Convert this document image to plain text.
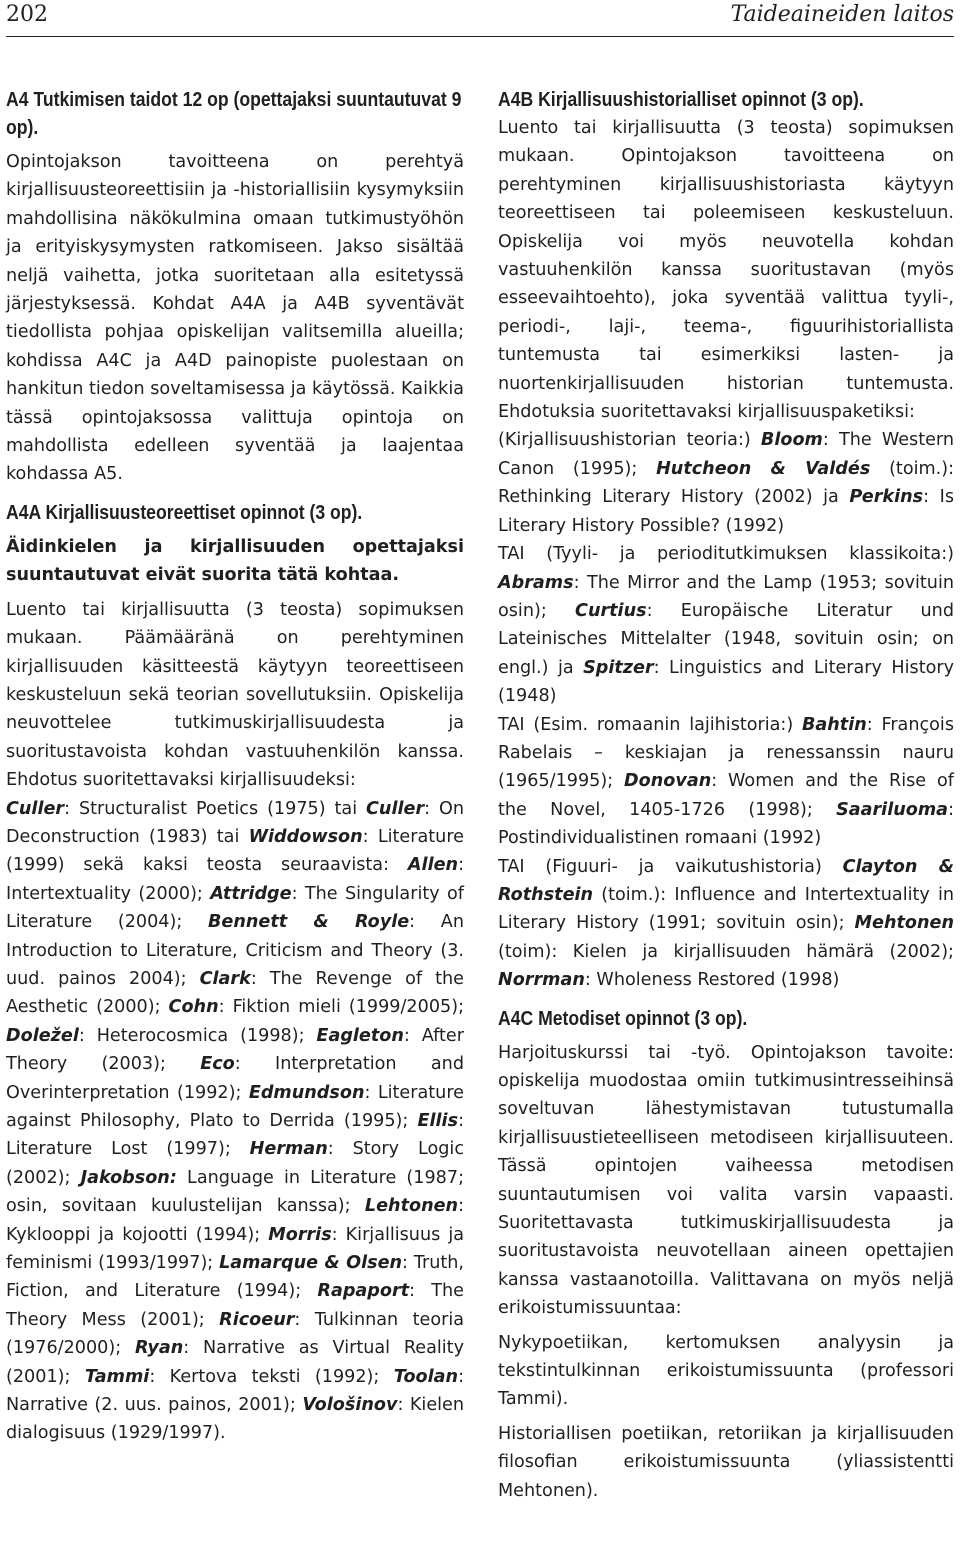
202	Taideaineiden laitos
A4 Tutkimisen taidot 12 op (opettajaksi suuntautuvat 9 op).

Opintojakson tavoitteena on perehtyä kirjallisuusteoreettisiin ja -historiallisiin kysymyksiin mahdollisina näkökulmina omaan tutkimustyöhön ja erityiskysymysten ratkomiseen. Jakso sisältää neljä vaihetta, jotka suoritetaan alla esitetyssä järjestyksessä. Kohdat A4A ja A4B syventävät tiedollista pohjaa opiskelijan valitsemilla alueilla; kohdissa A4C ja A4D painopiste puolestaan on hankitun tiedon soveltamisessa ja käytössä. Kaikkia tässä opintojaksossa valittuja opintoja on mahdollista edelleen syventää ja laajentaa kohdassa A5.

A4A Kirjallisuusteoreettiset opinnot (3 op).
Äidinkielen ja kirjallisuuden opettajaksi suuntautuvat eivät suorita tätä kohtaa.

Luento tai kirjallisuutta (3 teosta) sopimuksen mukaan. Päämääränä on perehtyminen kirjallisuuden käsitteestä käytyyn teoreettiseen keskusteluun sekä teorian sovellutuksiin. Opiskelija neuvottelee tutkimuskirjallisuudesta ja suoritustavoista kohdan vastuuhenkilön kanssa. Ehdotus suoritettavaksi kirjallisuudeksi:

Culler: Structuralist Poetics (1975) tai Culler: On Deconstruction (1983) tai Widdowson: Literature (1999) sekä kaksi teosta seuraavista: Allen: Intertextuality (2000); Attridge: The Singularity of Literature (2004); Bennett & Royle: An Introduction to Literature, Criticism and Theory (3. uud. painos 2004); Clark: The Revenge of the Aesthetic (2000); Cohn: Fiktion mieli (1999/2005); Doležel: Heterocosmica (1998); Eagleton: After Theory (2003); Eco: Interpretation and Overinterpretation (1992); Edmundson: Literature against Philosophy, Plato to Derrida (1995); Ellis: Literature Lost (1997); Herman: Story Logic (2002); Jakobson: Language in Literature (1987; osin, sovitaan kuulustelijan kanssa); Lehtonen: Kyklooppi ja kojootti (1994); Morris: Kirjallisuus ja feminismi (1993/1997); Lamarque & Olsen: Truth, Fiction, and Literature (1994); Rapaport: The Theory Mess (2001); Ricoeur: Tulkinnan teoria (1976/2000); Ryan: Narrative as Virtual Reality (2001); Tammi: Kertova teksti (1992); Toolan: Narrative (2. uus. painos, 2001); Vološinov: Kielen dialogisuus (1929/1997).

A4B Kirjallisuushistorialliset opinnot (3 op).

Luento tai kirjallisuutta (3 teosta) sopimuksen mukaan. Opintojakson tavoitteena on perehtyminen kirjallisuushistoriasta käytyyn teoreettiseen tai poleemiseen keskusteluun. Opiskelija voi myös neuvotella kohdan vastuuhenkilön kanssa suoritustavan (myös esseevaihtoehto), joka syventää valittua tyyli-, periodi-, laji-, teema-, figuurihistoriallista tuntemusta tai esimerkiksi lasten- ja nuortenkirjallisuuden historian tuntemusta. Ehdotuksia suoritettavaksi kirjallisuuspaketiksi:

(Kirjallisuushistorian teoria:) Bloom: The Western Canon (1995); Hutcheon & Valdés (toim.): Rethinking Literary History (2002) ja Perkins: Is Literary History Possible? (1992)

TAI (Tyyli- ja perioditutkimuksen klassikoita:) Abrams: The Mirror and the Lamp (1953; sovituin osin); Curtius: Europäische Literatur und Lateinisches Mittelalter (1948, sovituin osin; on engl.) ja Spitzer: Linguistics and Literary History (1948)

TAI (Esim. romaanin lajihistoria:) Bahtin: François Rabelais – keskiajan ja renessanssin nauru (1965/1995); Donovan: Women and the Rise of the Novel, 1405-1726 (1998); Saariluoma: Postindividualistinen romaani (1992)

TAI (Figuuri- ja vaikutushistoria) Clayton & Rothstein (toim.): Influence and Intertextuality in Literary History (1991; sovituin osin); Mehtonen (toim): Kielen ja kirjallisuuden hämärä (2002); Norrman: Wholeness Restored (1998)

A4C Metodiset opinnot (3 op).

Harjoituskurssi tai -työ. Opintojakson tavoite: opiskelija muodostaa omiin tutkimusintresseihinsä soveltuvan lähestymistavan tutustumalla kirjallisuustieteelliseen metodiseen kirjallisuuteen. Tässä opintojen vaiheessa metodisen suuntautumisen voi valita varsin vapaasti. Suoritettavasta tutkimuskirjallisuudesta ja suoritustavoista neuvotellaan aineen opettajien kanssa vastaanotoilla. Valittavana on myös neljä erikoistumissuuntaa:

Nykypoetiikan, kertomuksen analyysin ja tekstintulkinnan erikoistumissuunta (professori Tammi).

Historiallisen poetiikan, retoriikan ja kirjallisuuden filosofian erikoistumissuunta (yliassistentti Mehtonen).
